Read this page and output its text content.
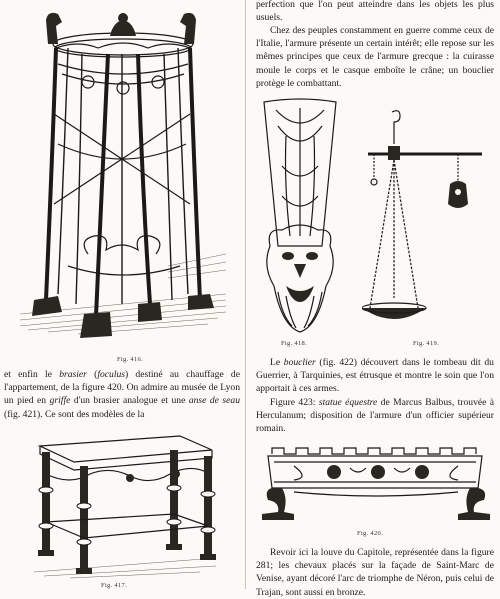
Fig. 416.

et enfin le brasier (foculus) destiné au chauffage de l'appartement, de la figure 420. On admire au musée de Lyon un pied en griffe d'un brasier analogue et une anse de seau (fig. 421). Ce sont des modèles de la

Fig. 417.

perfection que l'on peut atteindre dans les objets les plus usuels.

Chez des peuples constamment en guerre comme ceux de l'Italie, l'armure présente un certain intérêt; elle repose sur les mêmes principes que ceux de l'armure grecque : la cuirasse moule le corps et le casque emboîte le crâne; un bouclier protège le combattant.

Fig. 418.	Fig. 419.

Le bouclier (fig. 422) découvert dans le tombeau dit du Guerrier, à Tarquinies, est étrusque et montre le soin que l'on apportait à ces armes.

Figure 423: statue équestre de Marcus Balbus, trouvée à Herculanum; disposition de l'armure d'un officier supérieur romain.

Fig. 420.

Revoir ici la louve du Capitole, représentée dans la figure 281; les chevaux placés sur la façade de Saint-Marc de Venise, ayant décoré l'arc de triomphe de Néron, puis celui de Trajan, sont aussi en bronze.
